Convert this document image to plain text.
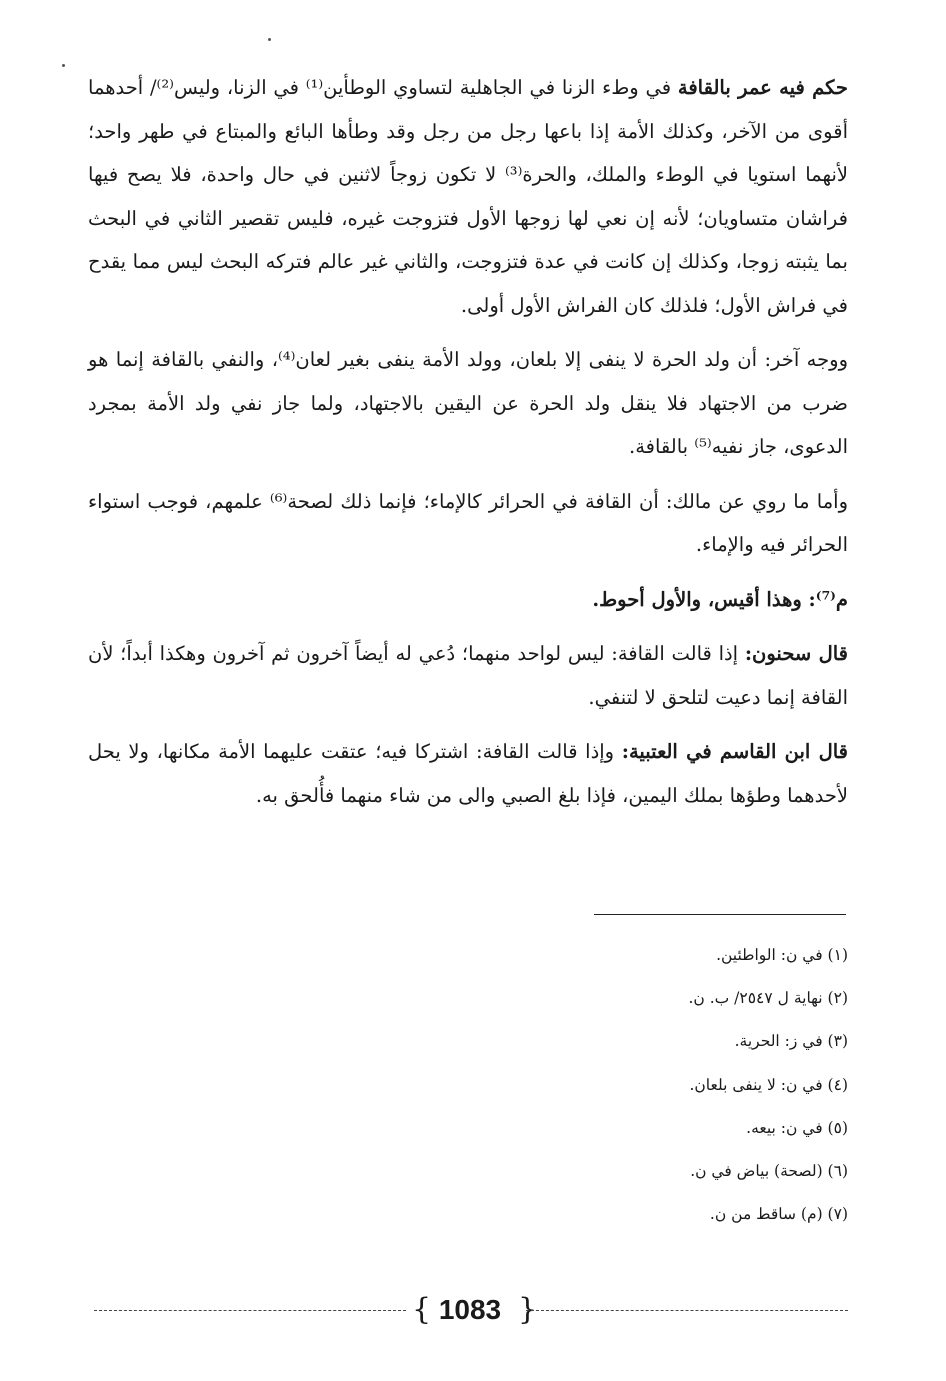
حكم فيه عمر بالقافة في وطء الزنا في الجاهلية لتساوي الوطأين⁽¹⁾ في الزنا، وليس⁽²⁾/ أحدهما أقوى من الآخر، وكذلك الأمة إذا باعها رجل من رجل وقد وطأها البائع والمبتاع في طهر واحد؛ لأنهما استويا في الوطء والملك، والحرة⁽³⁾ لا تكون زوجاً لاثنين في حال واحدة، فلا يصح فيها فراشان متساويان؛ لأنه إن نعي لها زوجها الأول فتزوجت غيره، فليس تقصير الثاني في البحث بما يثبته زوجا، وكذلك إن كانت في عدة فتزوجت، والثاني غير عالم فتركه البحث ليس مما يقدح في فراش الأول؛ فلذلك كان الفراش الأول أولى.

ووجه آخر: أن ولد الحرة لا ينفى إلا بلعان، وولد الأمة ينفى بغير لعان⁽⁴⁾، والنفي بالقافة إنما هو ضرب من الاجتهاد فلا ينقل ولد الحرة عن اليقين بالاجتهاد، ولما جاز نفي ولد الأمة بمجرد الدعوى، جاز نفيه⁽⁵⁾ بالقافة.

وأما ما روي عن مالك: أن القافة في الحرائر كالإماء؛ فإنما ذلك لصحة⁽⁶⁾ علمهم، فوجب استواء الحرائر فيه والإماء.

م⁽⁷⁾: وهذا أقيس، والأول أحوط.

قال سحنون: إذا قالت القافة: ليس لواحد منهما؛ دُعي له أيضاً آخرون ثم آخرون وهكذا أبداً؛ لأن القافة إنما دعيت لتلحق لا لتنفي.

قال ابن القاسم في العتبية: وإذا قالت القافة: اشتركا فيه؛ عتقت عليهما الأمة مكانها، ولا يحل لأحدهما وطؤها بملك اليمين، فإذا بلغ الصبي والى من شاء منهما فأُلحق به.

(١) في ن: الواطئين.

(٢) نهاية ل ٢٥٤٧/ ب. ن.

(٣) في ز: الحرية.

(٤) في ن: لا ينفى بلعان.

(٥) في ن: بيعه.

(٦) (لصحة) بياض في ن.

(٧) (م) ساقط من ن.

{ 1083 }
